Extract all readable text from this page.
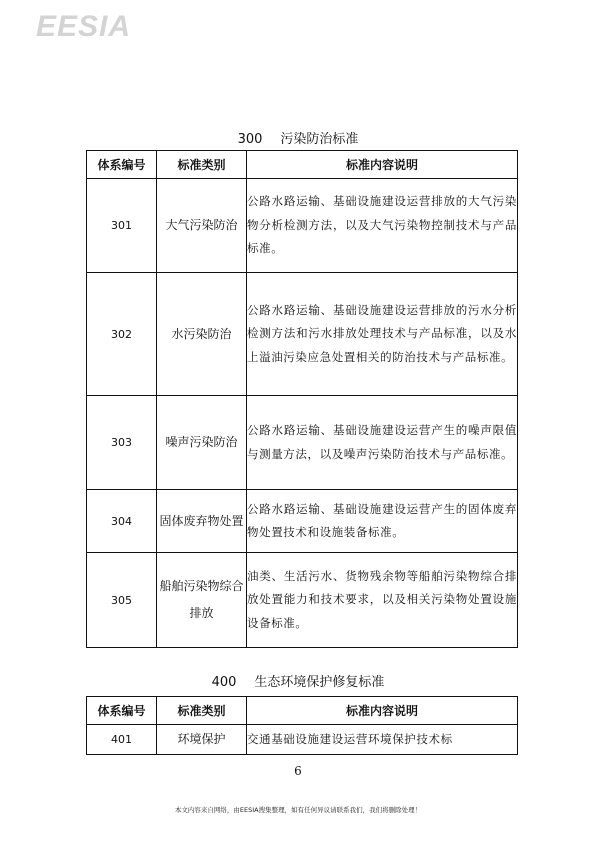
EESIA
300 污染防治标准
体系编号	标准类别	标准内容说明
301	大气污染防治	公路水路运输、基础设施建设运营排放的大气污染物分析检测方法，以及大气污染物控制技术与产品标准。
302	水污染防治	公路水路运输、基础设施建设运营排放的污水分析检测方法和污水排放处理技术与产品标准，以及水上溢油污染应急处置相关的防治技术与产品标准。
303	噪声污染防治	公路水路运输、基础设施建设运营产生的噪声限值与测量方法，以及噪声污染防治技术与产品标准。
304	固体废弃物处置	公路水路运输、基础设施建设运营产生的固体废弃物处置技术和设施装备标准。
305	船舶污染物综合排放	油类、生活污水、货物残余物等船舶污染物综合排放处置能力和技术要求，以及相关污染物处置设施设备标准。
400 生态环境保护修复标准
体系编号	标准类别	标准内容说明
401	环境保护	交通基础设施建设运营环境保护技术标
6
本文内容来自网络，由EESIA搜集整理，如有任何异议请联系我们，我们将删除处理！
